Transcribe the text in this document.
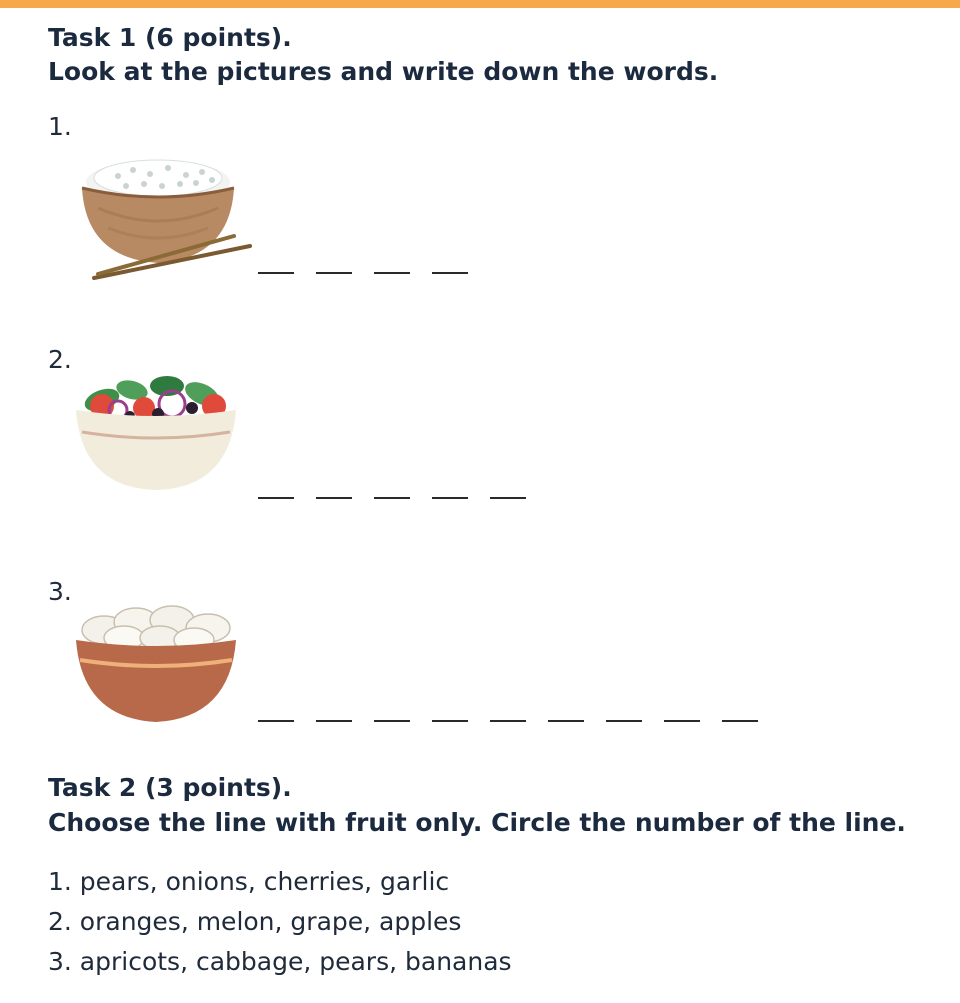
Task 1 (6 points).
Look at the pictures and write down the words.
1.
2.
3.
Task 2 (3 points).
Choose the line with fruit only. Circle the number of the line.
1. pears, onions, cherries, garlic
2. oranges, melon, grape, apples
3. apricots, cabbage, pears, bananas
